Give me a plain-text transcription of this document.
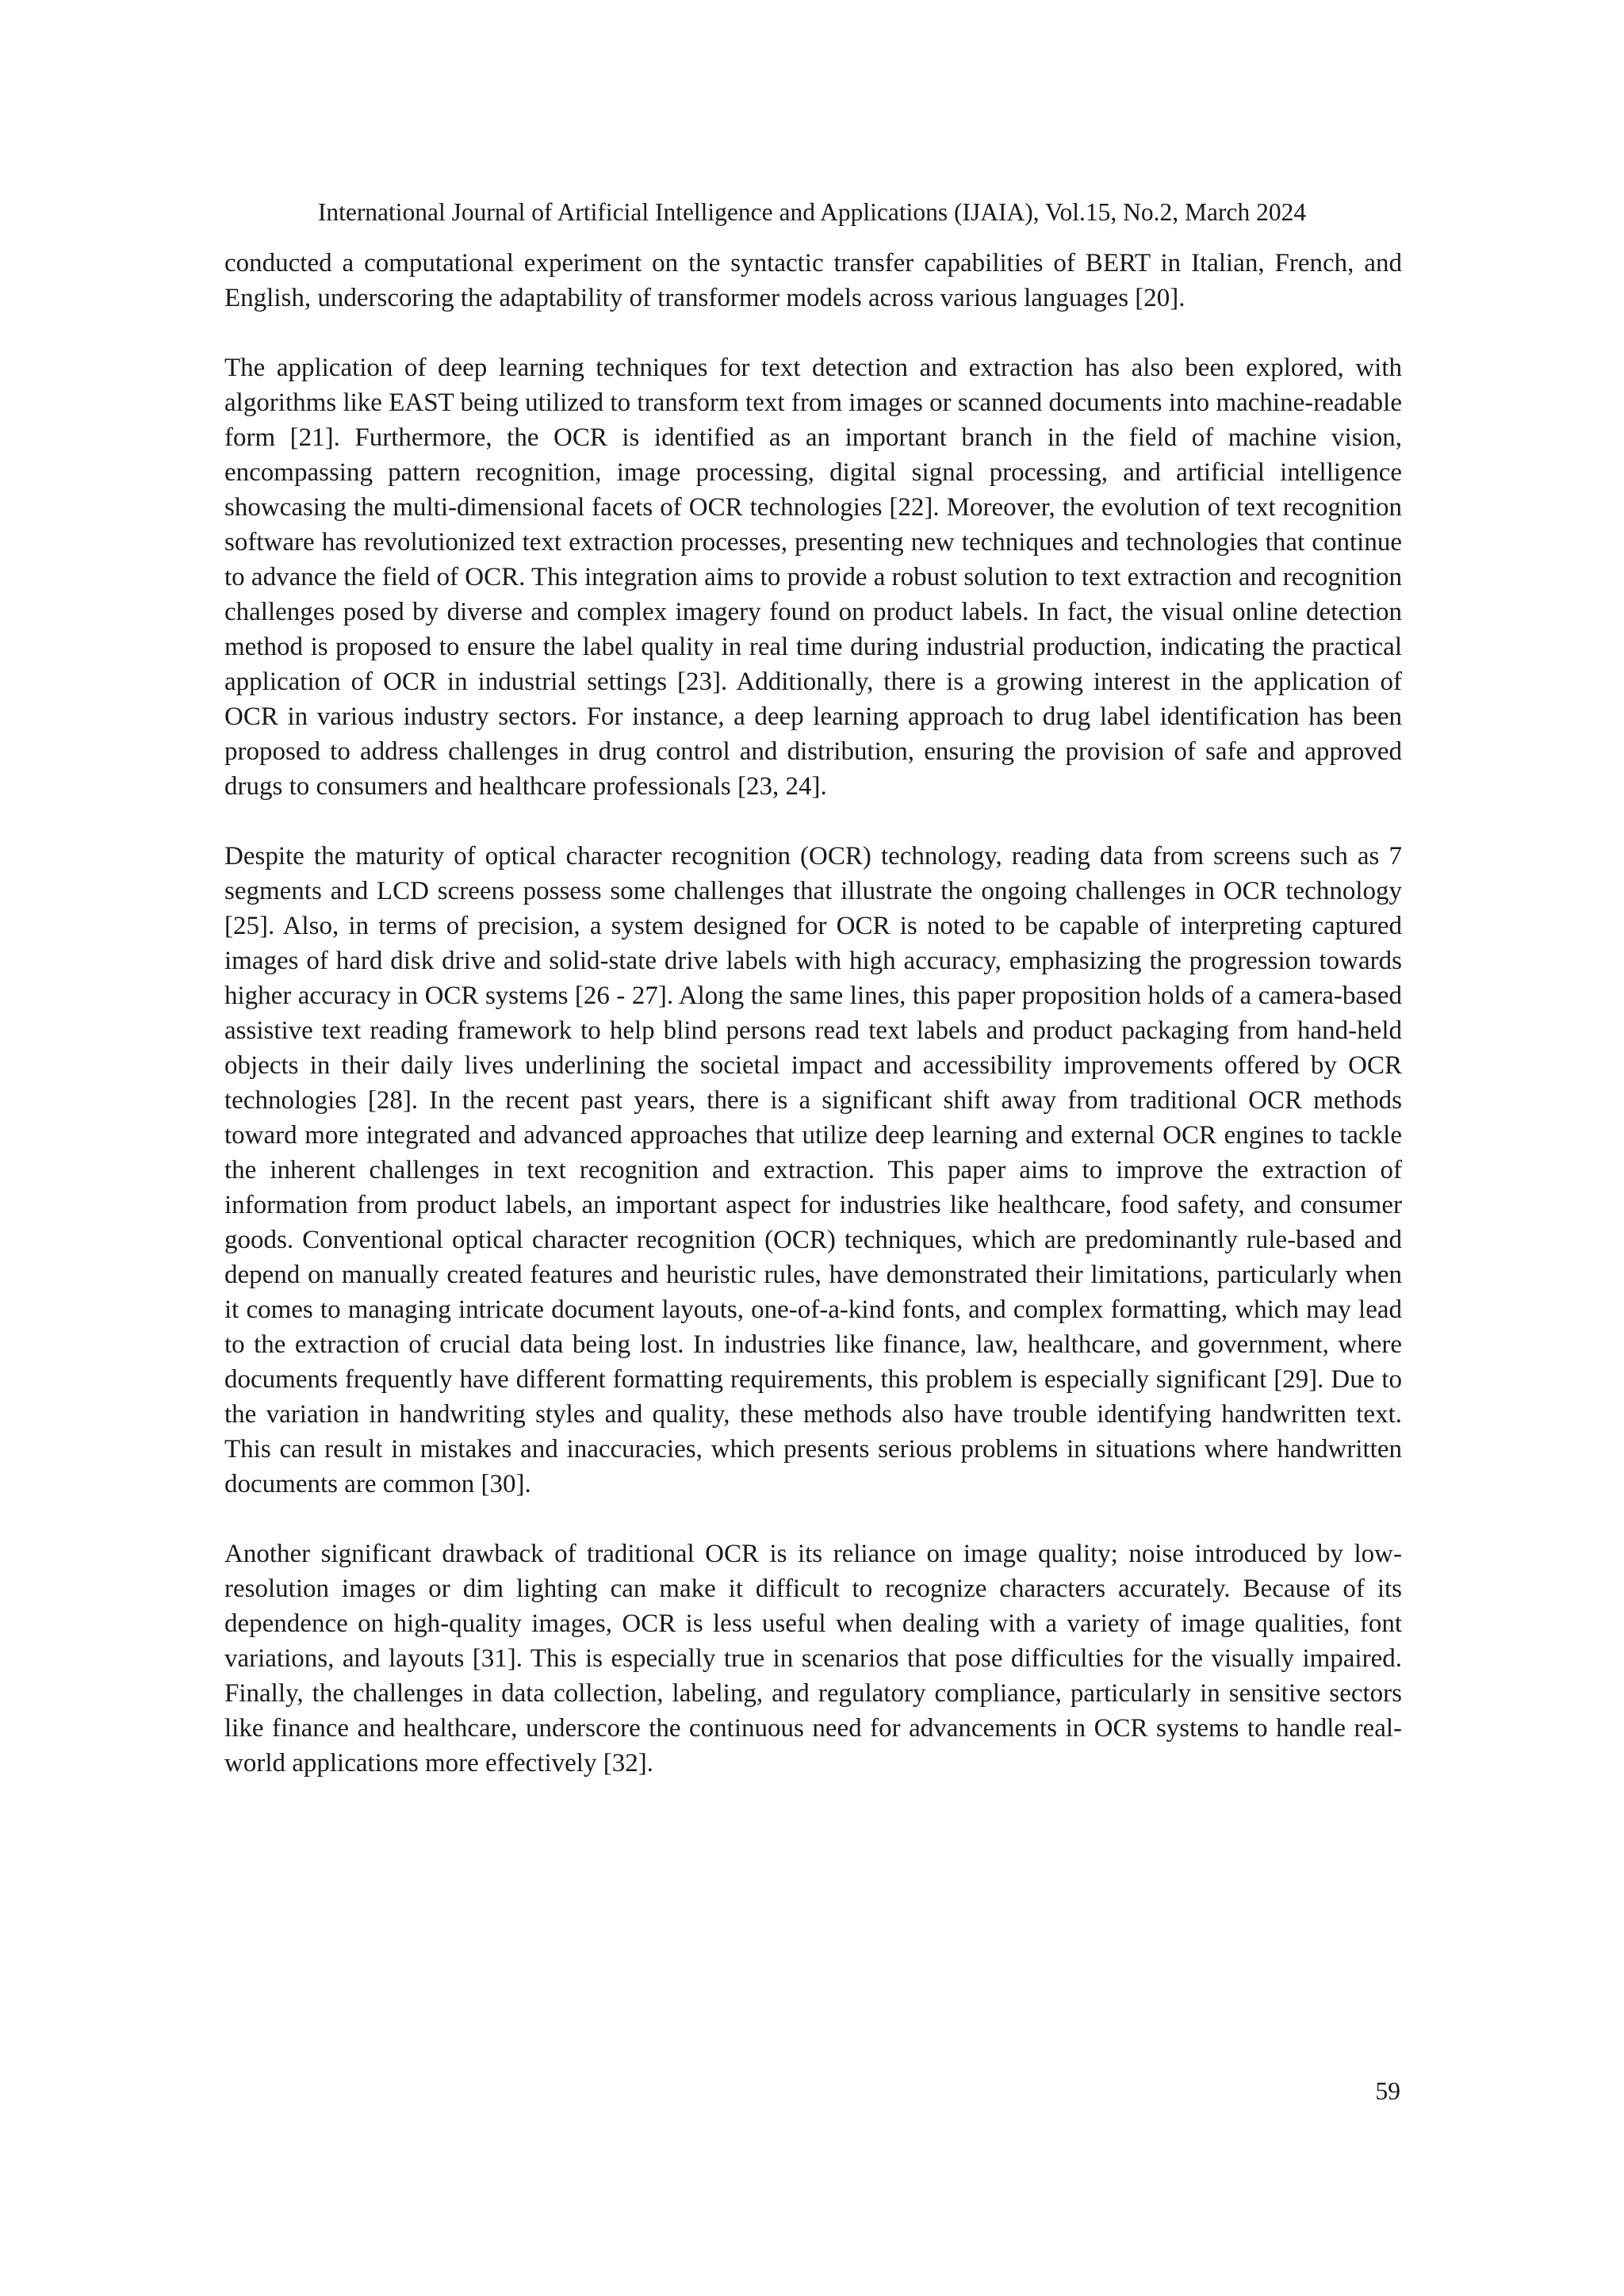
International Journal of Artificial Intelligence and Applications (IJAIA), Vol.15, No.2, March 2024

conducted a computational experiment on the syntactic transfer capabilities of BERT in Italian, French, and English, underscoring the adaptability of transformer models across various languages [20].

The application of deep learning techniques for text detection and extraction has also been explored, with algorithms like EAST being utilized to transform text from images or scanned documents into machine-readable form [21]. Furthermore, the OCR is identified as an important branch in the field of machine vision, encompassing pattern recognition, image processing, digital signal processing, and artificial intelligence showcasing the multi-dimensional facets of OCR technologies [22]. Moreover, the evolution of text recognition software has revolutionized text extraction processes, presenting new techniques and technologies that continue to advance the field of OCR. This integration aims to provide a robust solution to text extraction and recognition challenges posed by diverse and complex imagery found on product labels. In fact, the visual online detection method is proposed to ensure the label quality in real time during industrial production, indicating the practical application of OCR in industrial settings [23]. Additionally, there is a growing interest in the application of OCR in various industry sectors. For instance, a deep learning approach to drug label identification has been proposed to address challenges in drug control and distribution, ensuring the provision of safe and approved drugs to consumers and healthcare professionals [23, 24].

Despite the maturity of optical character recognition (OCR) technology, reading data from screens such as 7 segments and LCD screens possess some challenges that illustrate the ongoing challenges in OCR technology [25]. Also, in terms of precision, a system designed for OCR is noted to be capable of interpreting captured images of hard disk drive and solid-state drive labels with high accuracy, emphasizing the progression towards higher accuracy in OCR systems [26 - 27]. Along the same lines, this paper proposition holds of a camera-based assistive text reading framework to help blind persons read text labels and product packaging from hand-held objects in their daily lives underlining the societal impact and accessibility improvements offered by OCR technologies [28]. In the recent past years, there is a significant shift away from traditional OCR methods toward more integrated and advanced approaches that utilize deep learning and external OCR engines to tackle the inherent challenges in text recognition and extraction. This paper aims to improve the extraction of information from product labels, an important aspect for industries like healthcare, food safety, and consumer goods. Conventional optical character recognition (OCR) techniques, which are predominantly rule-based and depend on manually created features and heuristic rules, have demonstrated their limitations, particularly when it comes to managing intricate document layouts, one-of-a-kind fonts, and complex formatting, which may lead to the extraction of crucial data being lost. In industries like finance, law, healthcare, and government, where documents frequently have different formatting requirements, this problem is especially significant [29]. Due to the variation in handwriting styles and quality, these methods also have trouble identifying handwritten text. This can result in mistakes and inaccuracies, which presents serious problems in situations where handwritten documents are common [30].

Another significant drawback of traditional OCR is its reliance on image quality; noise introduced by low-resolution images or dim lighting can make it difficult to recognize characters accurately. Because of its dependence on high-quality images, OCR is less useful when dealing with a variety of image qualities, font variations, and layouts [31]. This is especially true in scenarios that pose difficulties for the visually impaired. Finally, the challenges in data collection, labeling, and regulatory compliance, particularly in sensitive sectors like finance and healthcare, underscore the continuous need for advancements in OCR systems to handle real-world applications more effectively [32].

59
